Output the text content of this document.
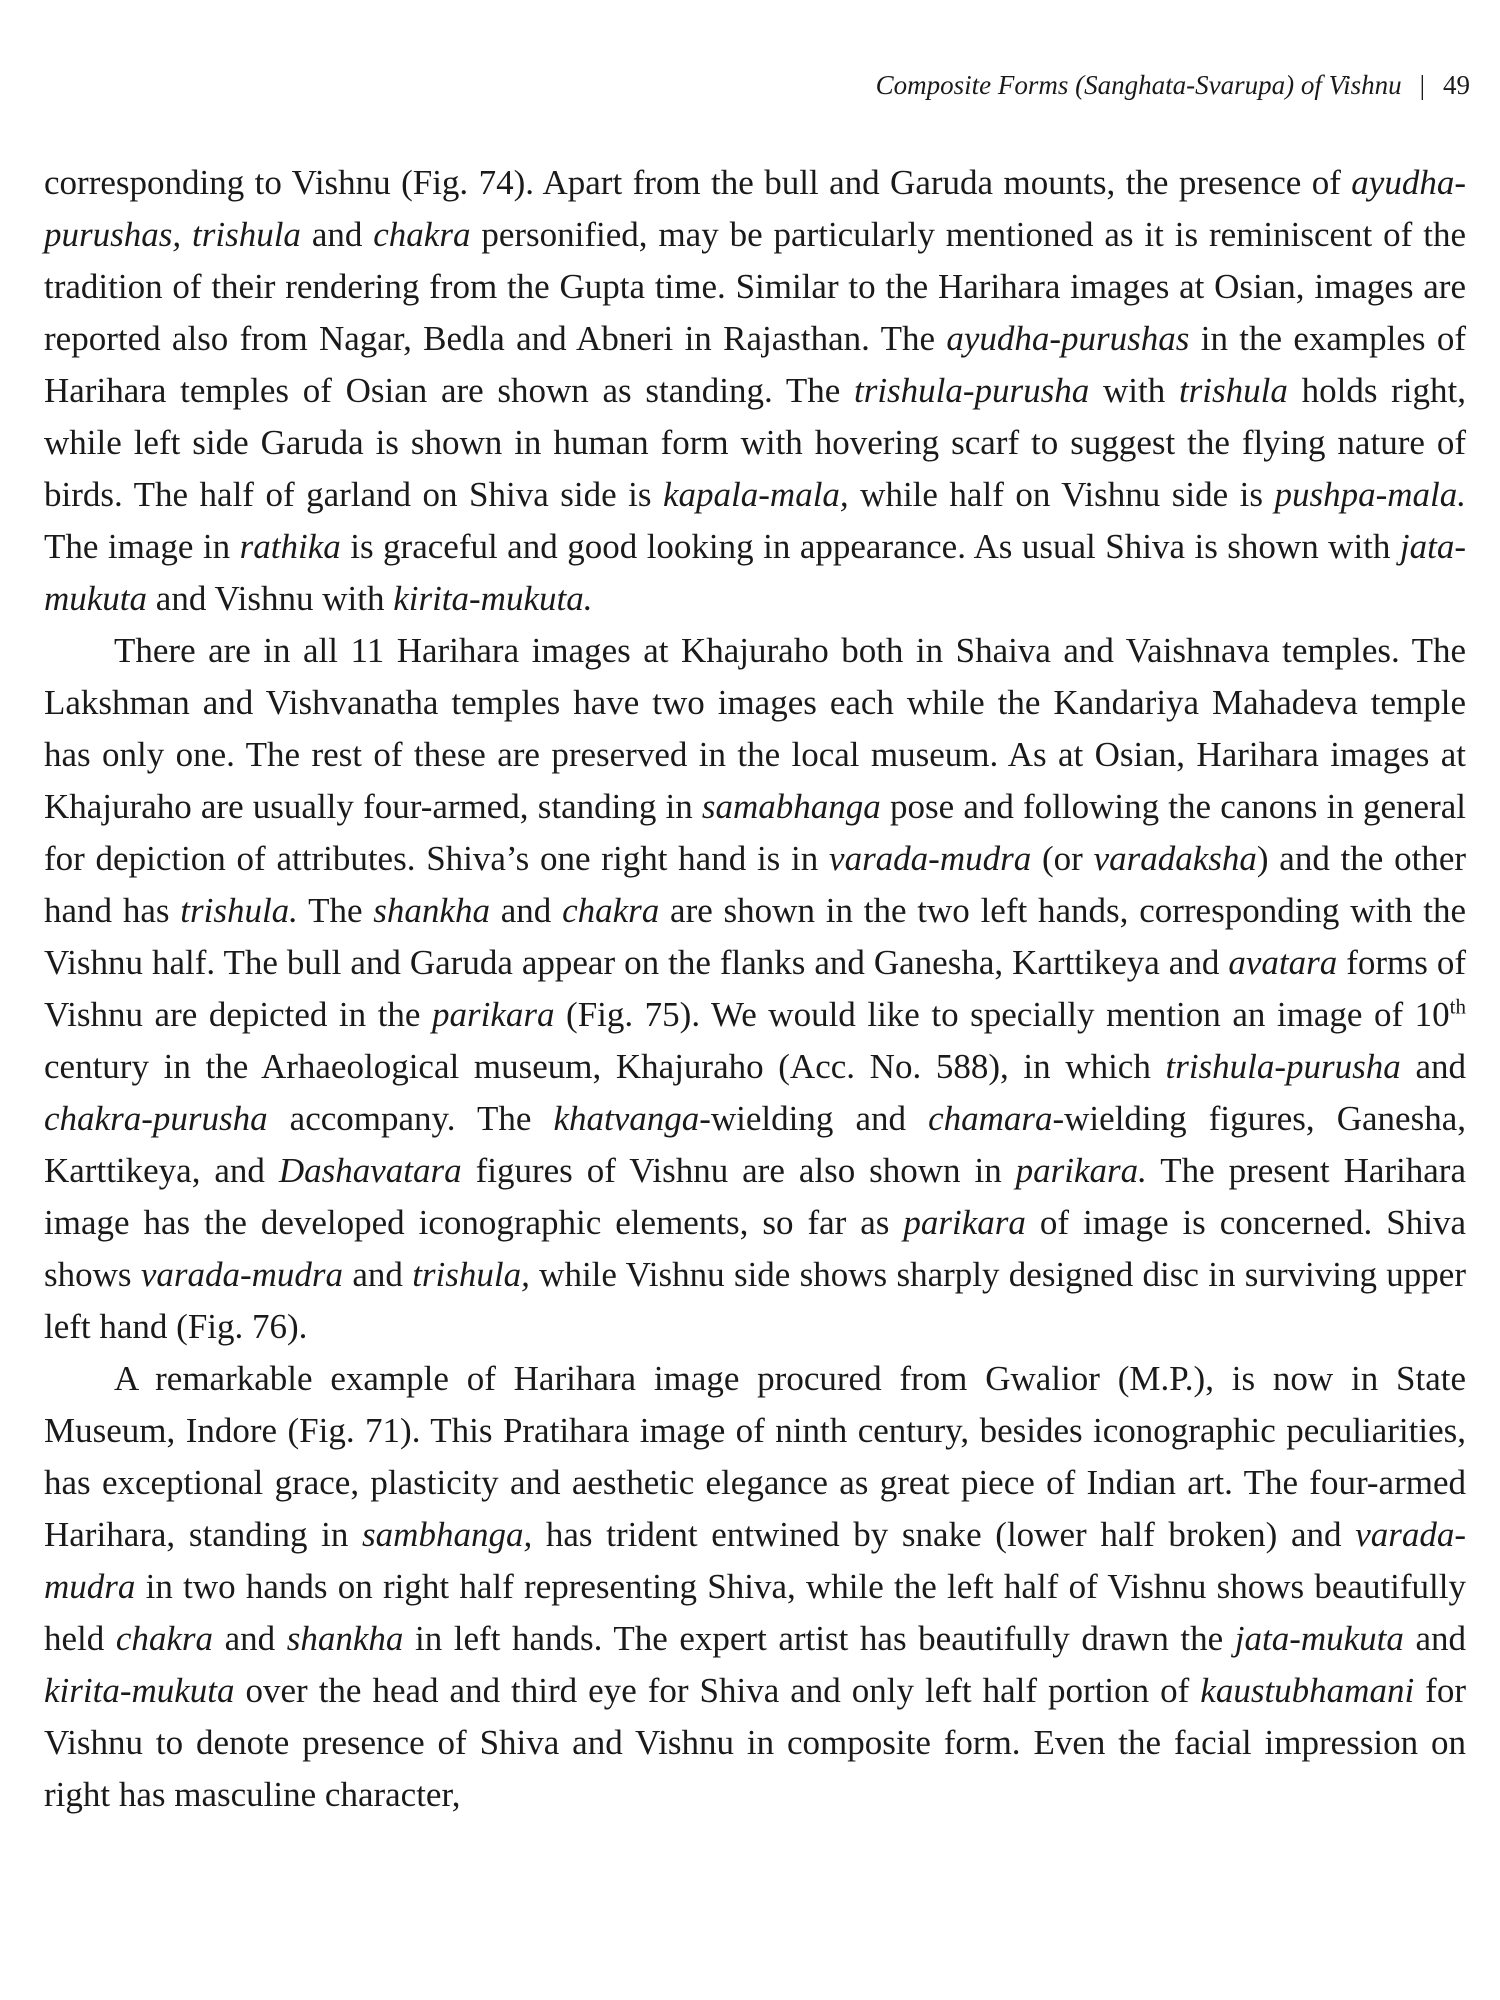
Composite Forms (Sanghata-Svarupa) of Vishnu | 49

corresponding to Vishnu (Fig. 74). Apart from the bull and Garuda mounts, the presence of ayudha-purushas, trishula and chakra personified, may be particularly mentioned as it is reminiscent of the tradition of their rendering from the Gupta time. Similar to the Harihara images at Osian, images are reported also from Nagar, Bedla and Abneri in Rajasthan. The ayudha-purushas in the examples of Harihara temples of Osian are shown as standing. The trishula-purusha with trishula holds right, while left side Garuda is shown in human form with hovering scarf to suggest the flying nature of birds. The half of garland on Shiva side is kapala-mala, while half on Vishnu side is pushpa-mala. The image in rathika is graceful and good looking in appearance. As usual Shiva is shown with jata-mukuta and Vishnu with kirita-mukuta.

There are in all 11 Harihara images at Khajuraho both in Shaiva and Vaishnava temples. The Lakshman and Vishvanatha temples have two images each while the Kandariya Mahadeva temple has only one. The rest of these are preserved in the local museum. As at Osian, Harihara images at Khajuraho are usually four-armed, standing in samabhanga pose and following the canons in general for depiction of attributes. Shiva’s one right hand is in varada-mudra (or varadaksha) and the other hand has trishula. The shankha and chakra are shown in the two left hands, corresponding with the Vishnu half. The bull and Garuda appear on the flanks and Ganesha, Karttikeya and avatara forms of Vishnu are depicted in the parikara (Fig. 75). We would like to specially mention an image of 10th century in the Arhaeological museum, Khajuraho (Acc. No. 588), in which trishula-purusha and chakra-purusha accompany. The khatvanga-wielding and chamara-wielding figures, Ganesha, Karttikeya, and Dashavatara figures of Vishnu are also shown in parikara. The present Harihara image has the developed iconographic elements, so far as parikara of image is concerned. Shiva shows varada-mudra and trishula, while Vishnu side shows sharply designed disc in surviving upper left hand (Fig. 76).

A remarkable example of Harihara image procured from Gwalior (M.P.), is now in State Museum, Indore (Fig. 71). This Pratihara image of ninth century, besides iconographic peculiarities, has exceptional grace, plasticity and aesthetic elegance as great piece of Indian art. The four-armed Harihara, standing in sambhanga, has trident entwined by snake (lower half broken) and varada-mudra in two hands on right half representing Shiva, while the left half of Vishnu shows beautifully held chakra and shankha in left hands. The expert artist has beautifully drawn the jata-mukuta and kirita-mukuta over the head and third eye for Shiva and only left half portion of kaustubhamani for Vishnu to denote presence of Shiva and Vishnu in composite form. Even the facial impression on right has masculine character,
